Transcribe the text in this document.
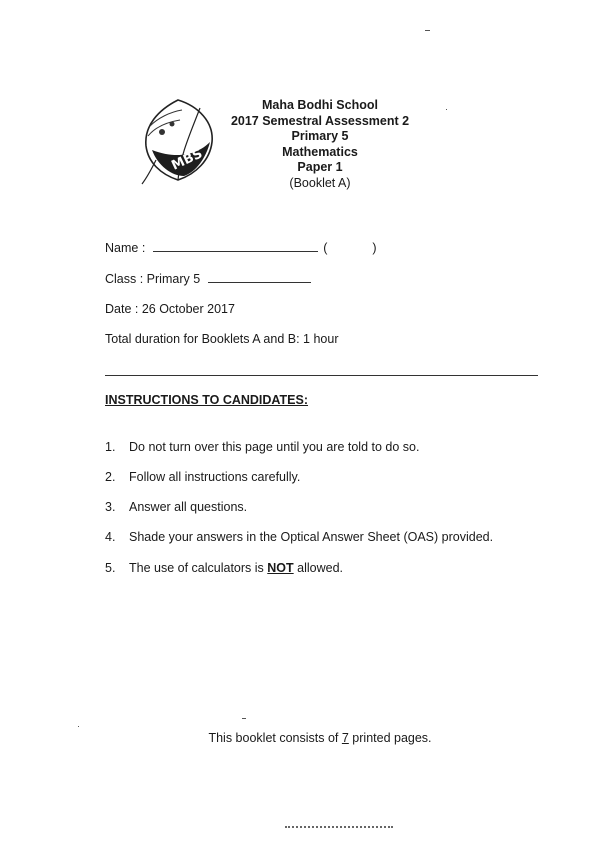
MBS
Maha Bodhi School
2017 Semestral Assessment 2
Primary 5
Mathematics
Paper 1
(Booklet A)
Name :	(	)
Class : Primary 5
Date : 26 October 2017
Total duration for Booklets A and B: 1 hour
INSTRUCTIONS TO CANDIDATES:
1. Do not turn over this page until you are told to do so.
2. Follow all instructions carefully.
3. Answer all questions.
4. Shade your answers in the Optical Answer Sheet (OAS) provided.
5. The use of calculators is NOT allowed.
This booklet consists of 7 printed pages.
